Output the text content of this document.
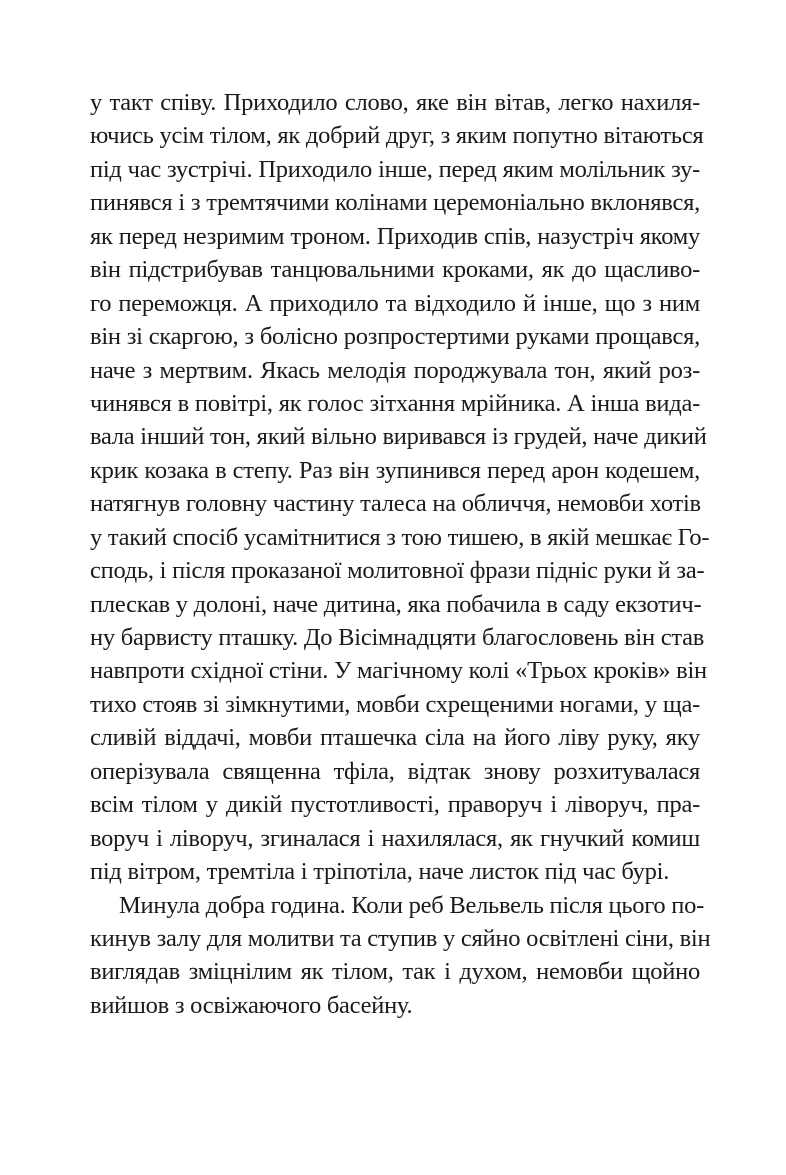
у такт співу. Приходило слово, яке він вітав, легко нахиля-
ючись усім тілом, як добрий друг, з яким попутно вітаються
під час зустрічі. Приходило інше, перед яким молільник зу-
пинявся і з тремтячими колінами церемоніально вклонявся,
як перед незримим троном. Приходив спів, назустріч якому
він підстрибував танцювальними кроками, як до щасливо-
го переможця. А приходило та відходило й інше, що з ним
він зі скаргою, з болісно розпростертими руками прощався,
наче з мертвим. Якась мелодія породжувала тон, який роз-
чинявся в повітрі, як голос зітхання мрійника. А інша вида-
вала інший тон, який вільно виривався із грудей, наче дикий
крик козака в степу. Раз він зупинився перед арон кодешем,
натягнув головну частину талеса на обличчя, немовби хотів
у такий спосіб усамітнитися з тою тишею, в якій мешкає Го-
сподь, і після проказаної молитовної фрази підніс руки й за-
плескав у долоні, наче дитина, яка побачила в саду екзотич-
ну барвисту пташку. До Вісімнадцяти благословень він став
навпроти східної стіни. У магічному колі «Трьох кроків» він
тихо стояв зі зімкнутими, мовби схрещеними ногами, у ща-
сливій віддачі, мовби пташечка сіла на його ліву руку, яку
оперізувала священна тфіла, відтак знову розхитувалася
всім тілом у дикій пустотливості, праворуч і ліворуч, пра-
воруч і ліворуч, згиналася і нахилялася, як гнучкий комиш
під вітром, тремтіла і тріпотіла, наче листок під час бурі.
Минула добра година. Коли реб Вельвель після цього по-
кинув залу для молитви та ступив у сяйно освітлені сіни, він
виглядав зміцнілим як тілом, так і духом, немовби щойно
вийшов з освіжаючого басейну.
